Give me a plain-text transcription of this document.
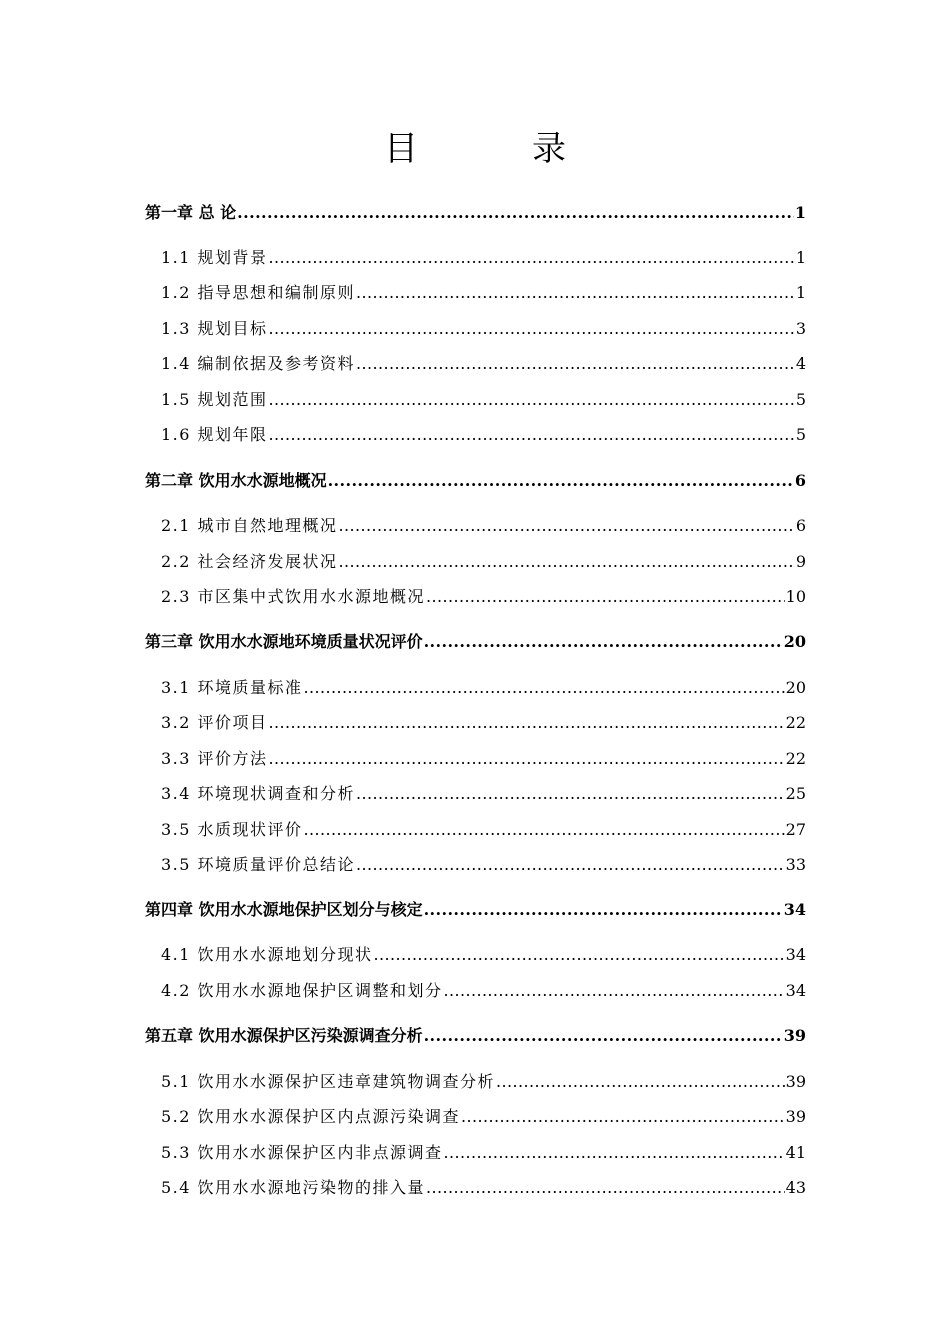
目　录
第一章 总 论 .....	1
1.1 规划背景 .....	1
1.2 指导思想和编制原则 .....	1
1.3 规划目标 .....	3
1.4 编制依据及参考资料 .....	4
1.5 规划范围 .....	5
1.6 规划年限 .....	5
第二章 饮用水水源地概况 .....	6
2.1 城市自然地理概况 .....	6
2.2 社会经济发展状况 .....	9
2.3 市区集中式饮用水水源地概况 .....	10
第三章 饮用水水源地环境质量状况评价 .....	20
3.1 环境质量标准 .....	20
3.2 评价项目 .....	22
3.3 评价方法 .....	22
3.4 环境现状调查和分析 .....	25
3.5 水质现状评价 .....	27
3.5 环境质量评价总结论 .....	33
第四章 饮用水水源地保护区划分与核定 .....	34
4.1 饮用水水源地划分现状 .....	34
4.2 饮用水水源地保护区调整和划分 .....	34
第五章 饮用水源保护区污染源调查分析 .....	39
5.1 饮用水水源保护区违章建筑物调查分析 .....	39
5.2 饮用水水源保护区内点源污染调查 .....	39
5.3 饮用水水源保护区内非点源调查 .....	41
5.4 饮用水水源地污染物的排入量 .....	43
